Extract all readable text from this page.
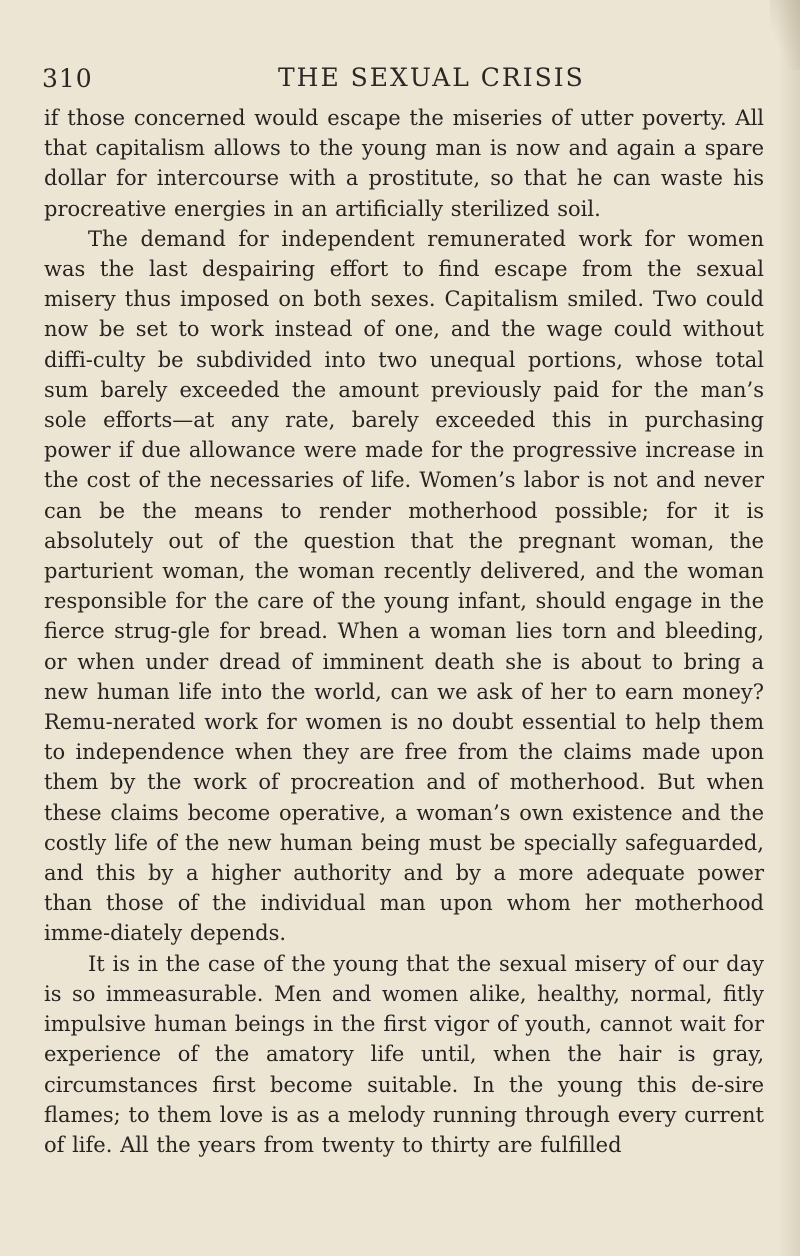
310	THE SEXUAL CRISIS

if those concerned would escape the miseries of utter poverty. All that capitalism allows to the young man is now and again a spare dollar for intercourse with a prostitute, so that he can waste his procreative energies in an artificially sterilized soil.

The demand for independent remunerated work for women was the last despairing effort to find escape from the sexual misery thus imposed on both sexes. Capitalism smiled. Two could now be set to work instead of one, and the wage could without diffi-culty be subdivided into two unequal portions, whose total sum barely exceeded the amount previously paid for the man’s sole efforts—at any rate, barely exceeded this in purchasing power if due allowance were made for the progressive increase in the cost of the necessaries of life. Women’s labor is not and never can be the means to render motherhood possible; for it is absolutely out of the question that the pregnant woman, the parturient woman, the woman recently delivered, and the woman responsible for the care of the young infant, should engage in the fierce strug-gle for bread. When a woman lies torn and bleeding, or when under dread of imminent death she is about to bring a new human life into the world, can we ask of her to earn money? Remu-nerated work for women is no doubt essential to help them to independence when they are free from the claims made upon them by the work of procreation and of motherhood. But when these claims become operative, a woman’s own existence and the costly life of the new human being must be specially safeguarded, and this by a higher authority and by a more adequate power than those of the individual man upon whom her motherhood imme-diately depends.

It is in the case of the young that the sexual misery of our day is so immeasurable. Men and women alike, healthy, normal, fitly impulsive human beings in the first vigor of youth, cannot wait for experience of the amatory life until, when the hair is gray, circumstances first become suitable. In the young this de-sire flames; to them love is as a melody running through every current of life. All the years from twenty to thirty are fulfilled
